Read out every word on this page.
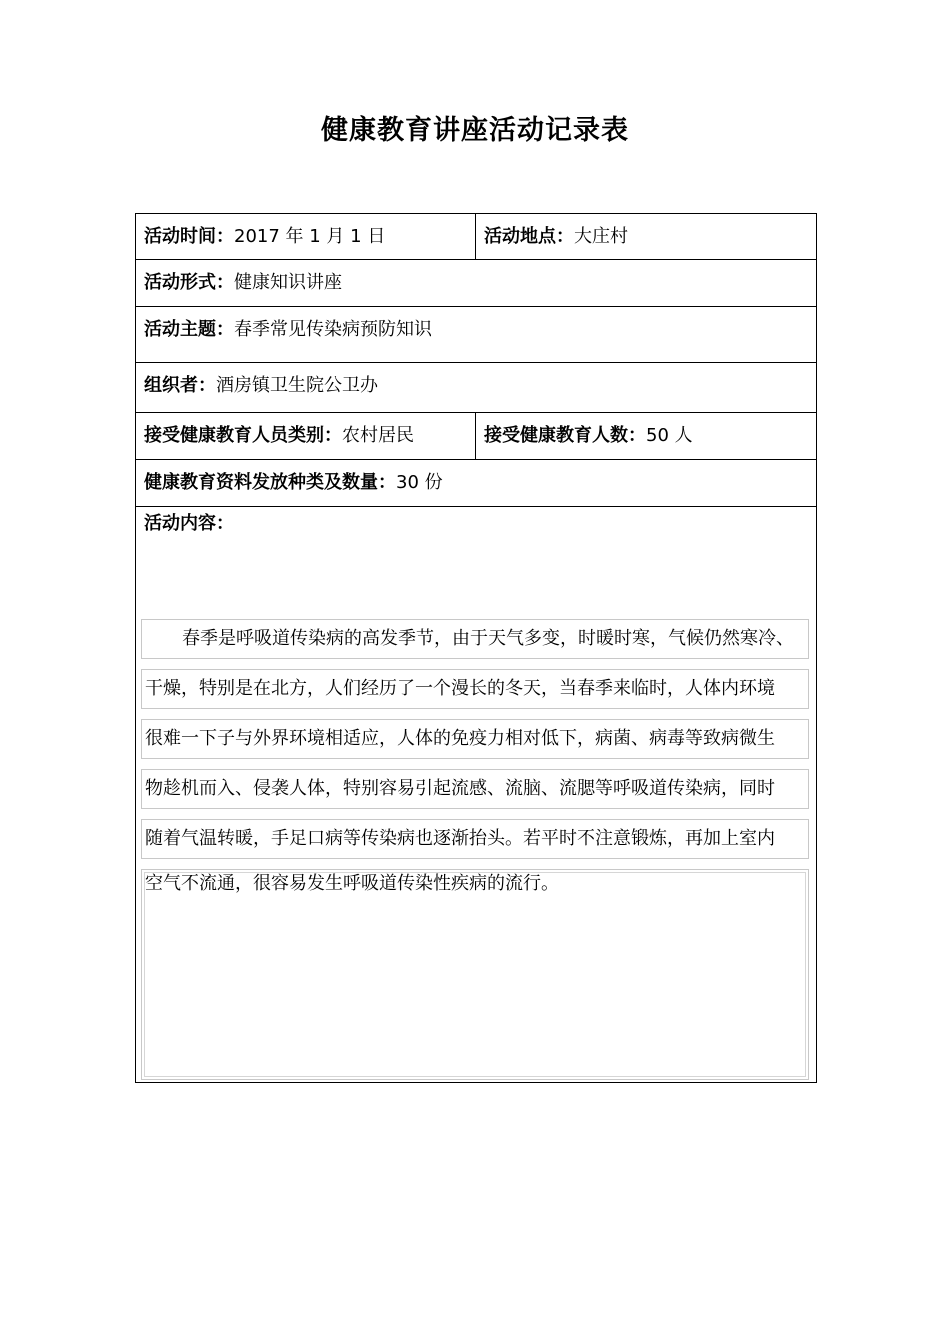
健康教育讲座活动记录表
活动时间：2017 年 1 月 1 日	活动地点：大庄村
活动形式：健康知识讲座
活动主题：春季常见传染病预防知识
组织者：酒房镇卫生院公卫办
接受健康教育人员类别：农村居民	接受健康教育人数：50 人
健康教育资料发放种类及数量：30 份
活动内容：
春季是呼吸道传染病的高发季节，由于天气多变，时暖时寒，气候仍然寒冷、
干燥，特别是在北方，人们经历了一个漫长的冬天，当春季来临时，人体内环境
很难一下子与外界环境相适应，人体的免疫力相对低下，病菌、病毒等致病微生
物趁机而入、侵袭人体，特别容易引起流感、流脑、流腮等呼吸道传染病，同时
随着气温转暖，手足口病等传染病也逐渐抬头。若平时不注意锻炼，再加上室内
空气不流通，很容易发生呼吸道传染性疾病的流行。
